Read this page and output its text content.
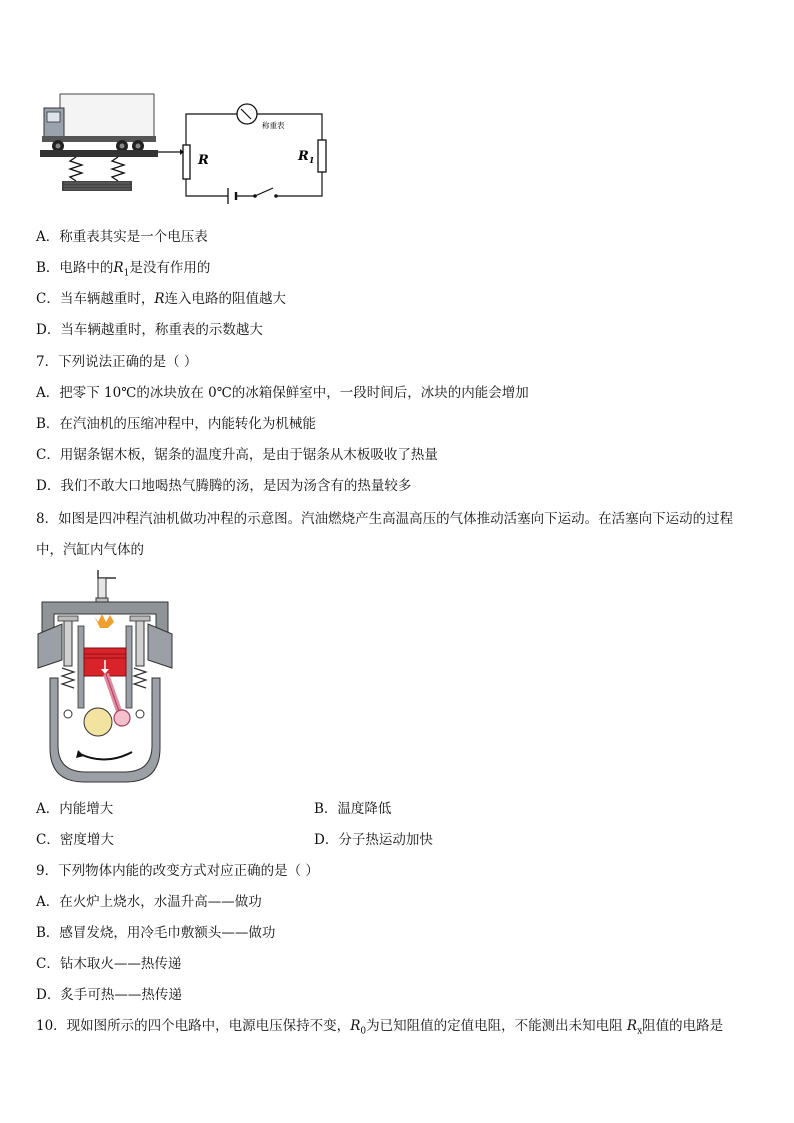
R
称重表
$R_1$
A．称重表其实是一个电压表
B．电路中的$R_1$是没有作用的
C．当车辆越重时，R连入电路的阻值越大
D．当车辆越重时，称重表的示数越大
7．下列说法正确的是（ ）
A．把零下 10℃的冰块放在 0℃的冰箱保鲜室中，一段时间后，冰块的内能会增加
B．在汽油机的压缩冲程中，内能转化为机械能
C．用锯条锯木板，锯条的温度升高，是由于锯条从木板吸收了热量
D．我们不敢大口地喝热气腾腾的汤，是因为汤含有的热量较多
8．如图是四冲程汽油机做功冲程的示意图。汽油燃烧产生高温高压的气体推动活塞向下运动。在活塞向下运动的过程
中，汽缸内气体的
A．内能增大	B．温度降低
C．密度增大	D．分子热运动加快
9．下列物体内能的改变方式对应正确的是（ ）
A．在火炉上烧水，水温升高——做功
B．感冒发烧，用冷毛巾敷额头——做功
C．钻木取火——热传递
D．炙手可热——热传递
10．现如图所示的四个电路中，电源电压保持不变，$R_0$为已知阻值的定值电阻，不能测出未知电阻 $R_x$阻值的电路是
